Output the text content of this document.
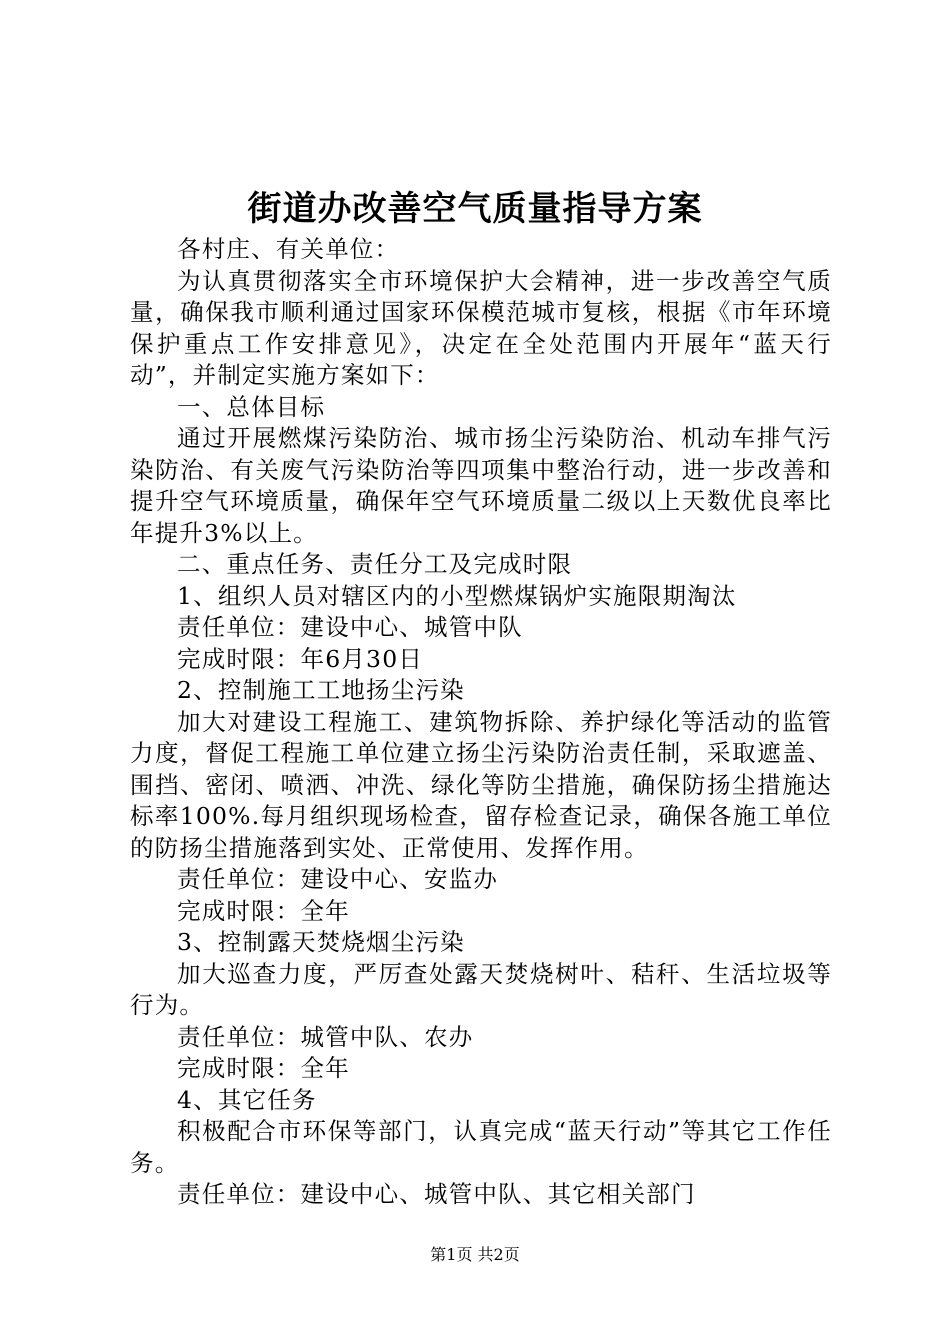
街道办改善空气质量指导方案

各村庄、有关单位：

为认真贯彻落实全市环境保护大会精神，进一步改善空气质量，确保我市顺利通过国家环保模范城市复核，根据《市年环境保护重点工作安排意见》，决定在全处范围内开展年“蓝天行动”，并制定实施方案如下：

一、总体目标

通过开展燃煤污染防治、城市扬尘污染防治、机动车排气污染防治、有关废气污染防治等四项集中整治行动，进一步改善和提升空气环境质量，确保年空气环境质量二级以上天数优良率比年提升3%以上。

二、重点任务、责任分工及完成时限

1、组织人员对辖区内的小型燃煤锅炉实施限期淘汰

责任单位：建设中心、城管中队

完成时限：年6月30日

2、控制施工工地扬尘污染

加大对建设工程施工、建筑物拆除、养护绿化等活动的监管力度，督促工程施工单位建立扬尘污染防治责任制，采取遮盖、围挡、密闭、喷洒、冲洗、绿化等防尘措施，确保防扬尘措施达标率100%.每月组织现场检查，留存检查记录，确保各施工单位的防扬尘措施落到实处、正常使用、发挥作用。

责任单位：建设中心、安监办

完成时限：全年

3、控制露天焚烧烟尘污染

加大巡查力度，严厉查处露天焚烧树叶、秸秆、生活垃圾等行为。

责任单位：城管中队、农办

完成时限：全年

4、其它任务

积极配合市环保等部门，认真完成“蓝天行动”等其它工作任务。

责任单位：建设中心、城管中队、其它相关部门

第1页 共2页
